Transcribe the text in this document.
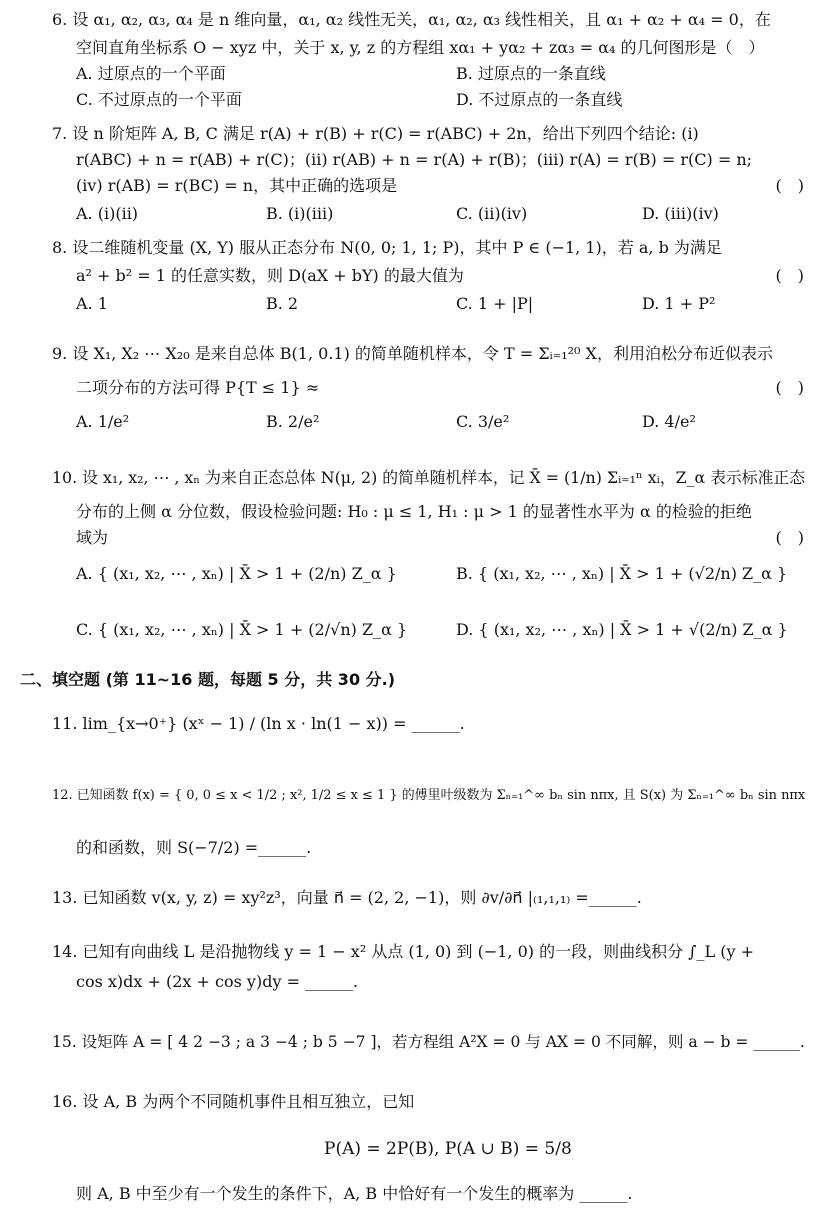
6. 设 α₁, α₂, α₃, α₄ 是 n 维向量，α₁, α₂ 线性无关，α₁, α₂, α₃ 线性相关，且 α₁ + α₂ + α₄ = 0，在
空间直角坐标系 O − xyz 中，关于 x, y, z 的方程组 xα₁ + yα₂ + zα₃ = α₄ 的几何图形是（　）
A. 过原点的一个平面	B. 过原点的一条直线
C. 不过原点的一个平面	D. 不过原点的一条直线
7. 设 n 阶矩阵 A, B, C 满足 r(A) + r(B) + r(C) = r(ABC) + 2n，给出下列四个结论: (i)
r(ABC) + n = r(AB) + r(C)；(ii) r(AB) + n = r(A) + r(B)；(iii) r(A) = r(B) = r(C) = n;
(iv) r(AB) = r(BC) = n，其中正确的选项是	(　)
A. (i)(ii)	B. (i)(iii)	C. (ii)(iv)	D. (iii)(iv)
8. 设二维随机变量 (X, Y) 服从正态分布 N(0, 0; 1, 1; P)，其中 P ∈ (−1, 1)，若 a, b 为满足
a² + b² = 1 的任意实数，则 D(aX + bY) 的最大值为	(　)
A. 1	B. 2	C. 1 + |P|	D. 1 + P²
9. 设 X₁, X₂ ⋯ X₂₀ 是来自总体 B(1, 0.1) 的简单随机样本，令 T = Σᵢ₌₁²⁰ X，利用泊松分布近似表示
二项分布的方法可得 P{T ≤ 1} ≈	(　)
A. 1/e²	B. 2/e²	C. 3/e²	D. 4/e²
10. 设 x₁, x₂, ⋯ , xₙ 为来自正态总体 N(μ, 2) 的简单随机样本，记 X̄ = (1/n) Σᵢ₌₁ⁿ xᵢ，Z_α 表示标准正态
分布的上侧 α 分位数，假设检验问题: H₀ : μ ≤ 1, H₁ : μ > 1 的显著性水平为 α 的检验的拒绝
域为	(　)
A. { (x₁, x₂, ⋯ , xₙ) | X̄ > 1 + (2/n) Z_α }	B. { (x₁, x₂, ⋯ , xₙ) | X̄ > 1 + (√2/n) Z_α }
C. { (x₁, x₂, ⋯ , xₙ) | X̄ > 1 + (2/√n) Z_α }	D. { (x₁, x₂, ⋯ , xₙ) | X̄ > 1 + √(2/n) Z_α }
二、填空题 (第 11∼16 题，每题 5 分，共 30 分.)
11. lim_{x→0⁺} (xˣ − 1) / (ln x · ln(1 − x)) = ______.
12. 已知函数 f(x) = { 0, 0 ≤ x < 1/2 ; x², 1/2 ≤ x ≤ 1 } 的傅里叶级数为 Σₙ₌₁^∞ bₙ sin nπx, 且 S(x) 为 Σₙ₌₁^∞ bₙ sin nπx
的和函数，则 S(−7/2) =______.
13. 已知函数 v(x, y, z) = xy²z³，向量 n⃗ = (2, 2, −1)，则 ∂v/∂n⃗ |₍₁,₁,₁₎ =______.
14. 已知有向曲线 L 是沿抛物线 y = 1 − x² 从点 (1, 0) 到 (−1, 0) 的一段，则曲线积分 ∫_L (y +
cos x)dx + (2x + cos y)dy = ______.
15. 设矩阵 A = [ 4 2 −3 ; a 3 −4 ; b 5 −7 ]，若方程组 A²X = 0 与 AX = 0 不同解，则 a − b = ______.
16. 设 A, B 为两个不同随机事件且相互独立，已知
P(A) = 2P(B), P(A ∪ B) = 5/8
则 A, B 中至少有一个发生的条件下，A, B 中恰好有一个发生的概率为 ______.
